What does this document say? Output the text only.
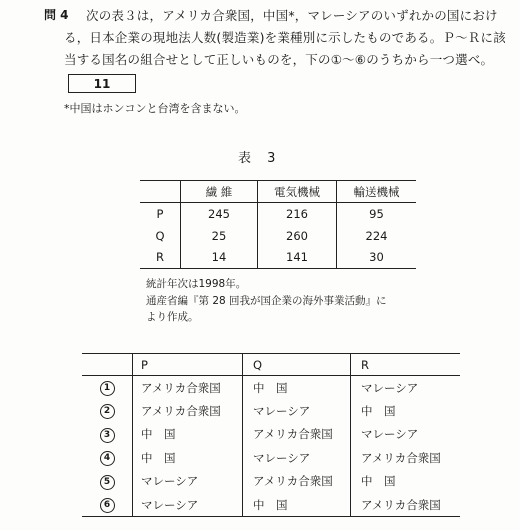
問 4 次の表３は，アメリカ合衆国，中国*，マレーシアのいずれかの国におけ
る，日本企業の現地法人数(製造業)を業種別に示したものである。Ｐ～Ｒに該
当する国名の組合せとして正しいものを，下の①～⑥のうちから一つ選べ。
11
*中国はホンコンと台湾を含まない。
表 3
	繊 維	電気機械	輸送機械
P	245	216	95
Q	25	260	224
R	14	141	30
統計年次は1998年。
通産省編『第 28 回我が国企業の海外事業活動』に
より作成。
	P	Q	R
1	アメリカ合衆国	中　国	マレーシア
2	アメリカ合衆国	マレーシア	中　国
3	中　国	アメリカ合衆国	マレーシア
4	中　国	マレーシア	アメリカ合衆国
5	マレーシア	アメリカ合衆国	中　国
6	マレーシア	中　国	アメリカ合衆国
